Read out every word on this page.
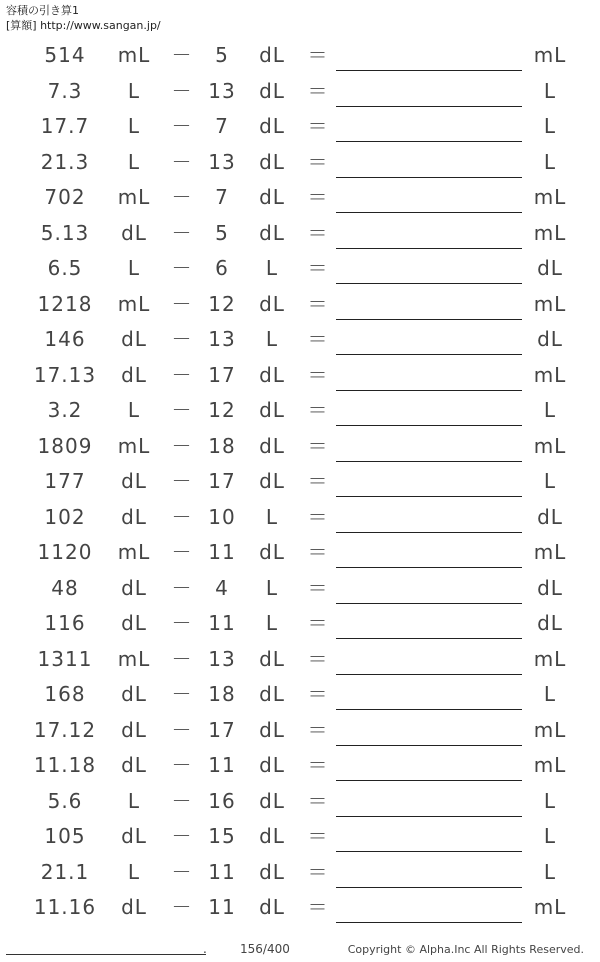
容積の引き算1
[算額] http://www.sangan.jp/
514	mL	－	5	dL	＝	mL
7.3	L	－ 13	dL	＝	L
17.7	L	－	7	dL	＝	L
21.3	L	－ 13	dL	＝	L
702	mL	－	7	dL	＝	mL
5.13	dL	－	5	dL	＝	mL
6.5	L	－	6	L	＝	dL
1218	mL	－ 12	dL	＝	mL
146	dL	－ 13	L	＝	dL
17.13	dL	－ 17	dL	＝	mL
3.2	L	－ 12	dL	＝	L
1809	mL	－ 18	dL	＝	mL
177	dL	－ 17	dL	＝	L
102	dL	－ 10	L	＝	dL
1120	mL	－ 11	dL	＝	mL
48	dL	－	4	L	＝	dL
116	dL	－ 11	L	＝	dL
1311	mL	－ 13	dL	＝	mL
168	dL	－ 18	dL	＝	L
17.12	dL	－ 17	dL	＝	mL
11.18	dL	－ 11	dL	＝	mL
5.6	L	－ 16	dL	＝	L
105	dL	－ 15	dL	＝	L
21.1	L	－ 11	dL	＝	L
11.16	dL	－ 11	dL	＝	mL
.	156/400	Copyright © Alpha.Inc All Rights Reserved.
